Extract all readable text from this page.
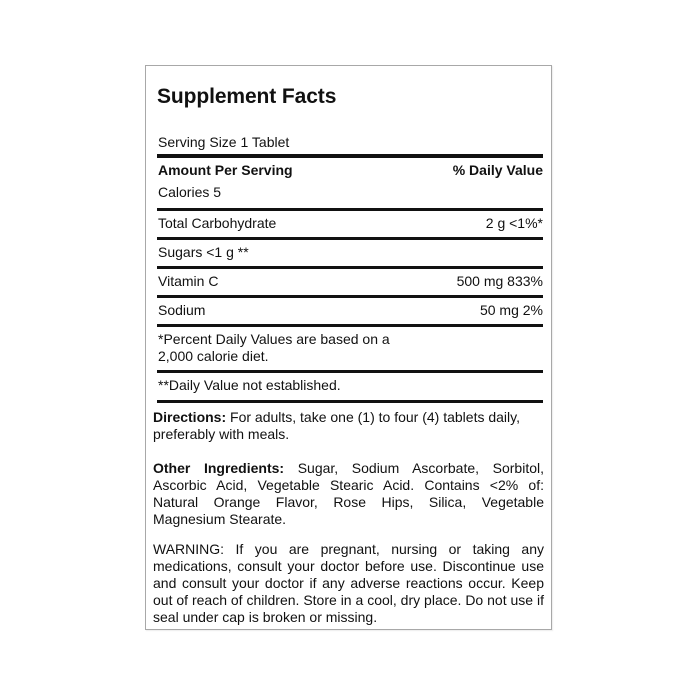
Supplement Facts
Serving Size 1 Tablet
Amount Per Serving	% Daily Value
Calories 5
Total Carbohydrate	2 g <1%*
Sugars <1 g **
Vitamin C	500 mg 833%
Sodium	50 mg 2%
*Percent Daily Values are based on a
2,000 calorie diet.
**Daily Value not established.
Directions: For adults, take one (1) to four (4) tablets daily, preferably with meals.
Other Ingredients: Sugar, Sodium Ascorbate, Sorbitol, Ascorbic Acid, Vegetable Stearic Acid. Contains <2% of: Natural Orange Flavor, Rose Hips, Silica, Vegetable Magnesium Stearate.
WARNING: If you are pregnant, nursing or taking any medications, consult your doctor before use. Discontinue use and consult your doctor if any adverse reactions occur. Keep out of reach of children. Store in a cool, dry place. Do not use if seal under cap is broken or missing.
